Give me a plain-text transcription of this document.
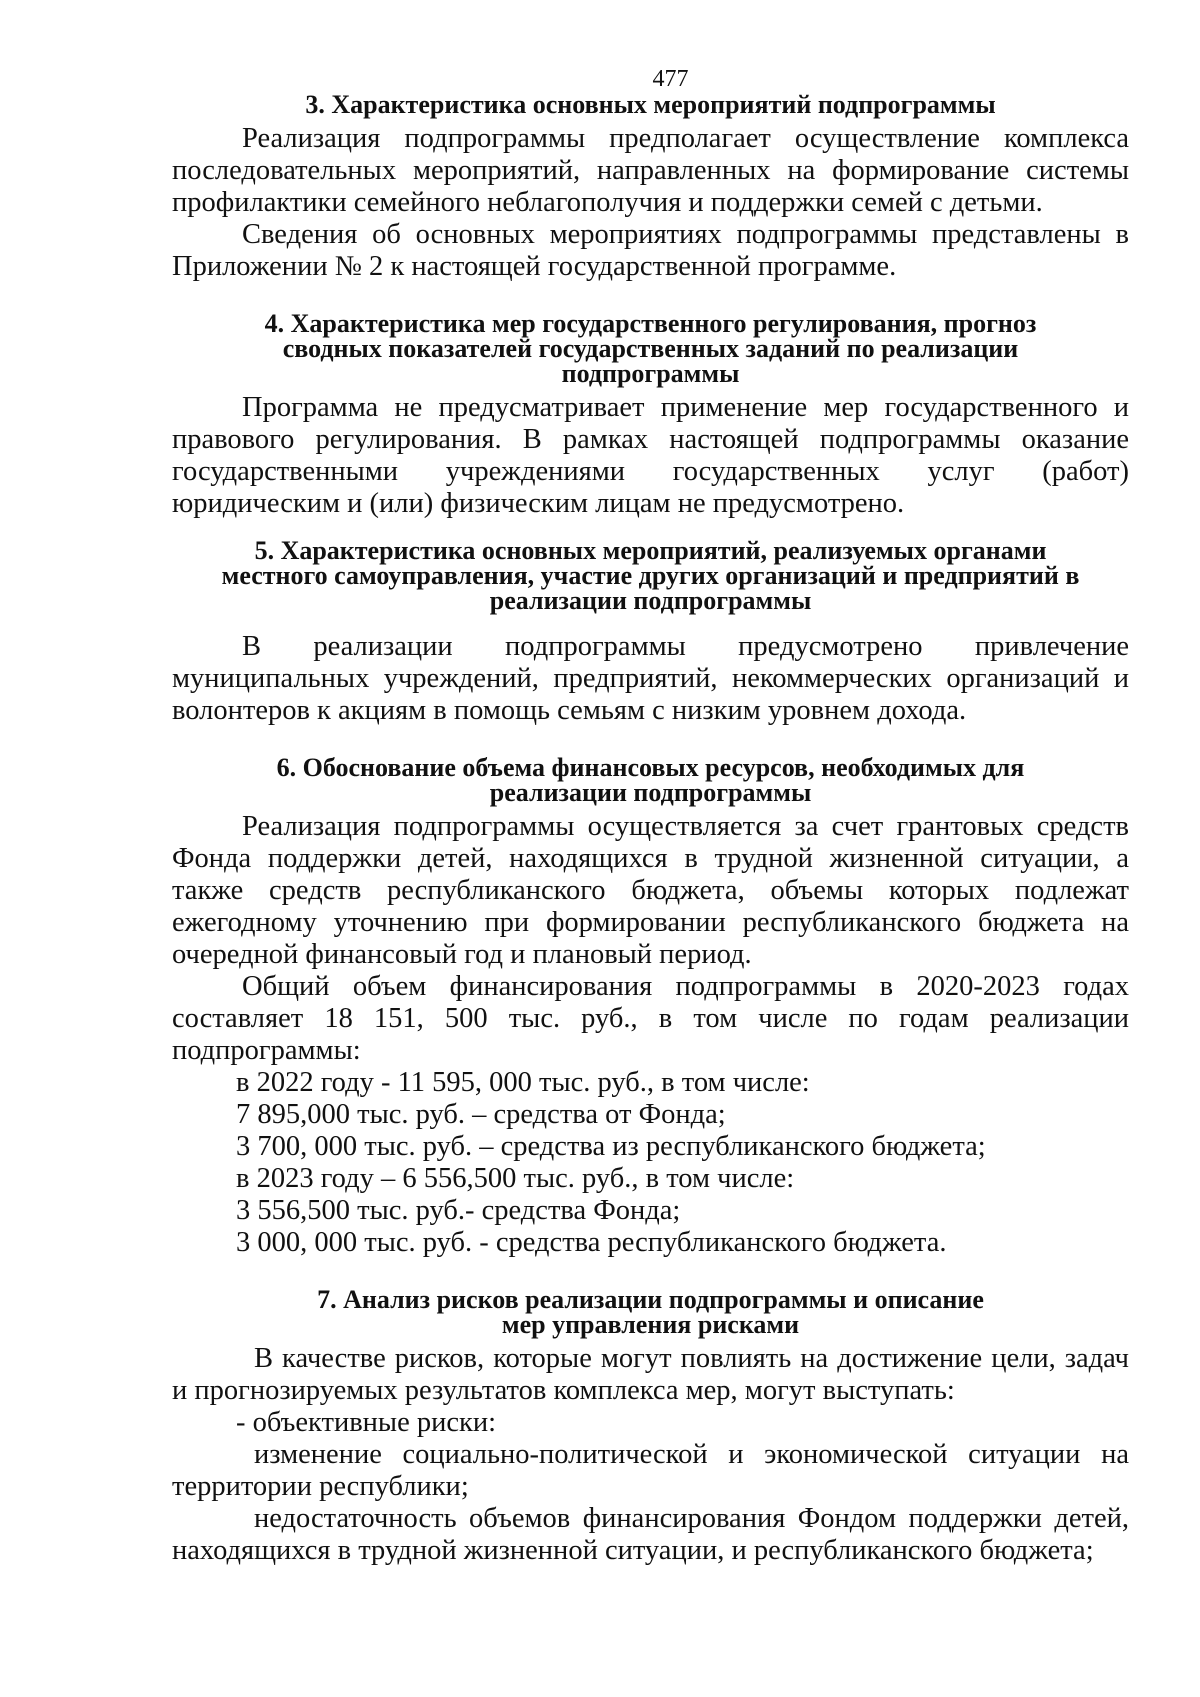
477
3. Характеристика основных мероприятий подпрограммы

Реализация подпрограммы предполагает осуществление комплекса последовательных мероприятий, направленных на формирование системы профилактики семейного неблагополучия и поддержки семей с детьми.

Сведения об основных мероприятиях подпрограммы представлены в Приложении № 2 к настоящей государственной программе.

4. Характеристика мер государственного регулирования, прогноз
сводных показателей государственных заданий по реализации
подпрограммы

Программа не предусматривает применение мер государственного и правового регулирования. В рамках настоящей подпрограммы оказание государственными учреждениями государственных услуг (работ) юридическим и (или) физическим лицам не предусмотрено.

5. Характеристика основных мероприятий, реализуемых органами
местного самоуправления, участие других организаций и предприятий в
реализации подпрограммы

В реализации подпрограммы предусмотрено привлечение муниципальных учреждений, предприятий, некоммерческих организаций и волонтеров к акциям в помощь семьям с низким уровнем дохода.

6. Обоснование объема финансовых ресурсов, необходимых для
реализации подпрограммы

Реализация подпрограммы осуществляется за счет грантовых средств Фонда поддержки детей, находящихся в трудной жизненной ситуации, а также средств республиканского бюджета, объемы которых подлежат ежегодному уточнению при формировании республиканского бюджета на очередной финансовый год и плановый период.

Общий объем финансирования подпрограммы в 2020-2023 годах составляет 18 151, 500 тыс. руб., в том числе по годам реализации подпрограммы:

в 2022 году - 11 595, 000 тыс. руб., в том числе:

7 895,000 тыс. руб. – средства от Фонда;

3 700, 000 тыс. руб. – средства из республиканского бюджета;

в 2023 году – 6 556,500 тыс. руб., в том числе:

3 556,500 тыс. руб.- средства Фонда;

3 000, 000 тыс. руб. - средства республиканского бюджета.

7. Анализ рисков реализации подпрограммы и описание
мер управления рисками

В качестве рисков, которые могут повлиять на достижение цели, задач и прогнозируемых результатов комплекса мер, могут выступать:

- объективные риски:

изменение социально-политической и экономической ситуации на территории республики;

недостаточность объемов финансирования Фондом поддержки детей, находящихся в трудной жизненной ситуации, и республиканского бюджета;
